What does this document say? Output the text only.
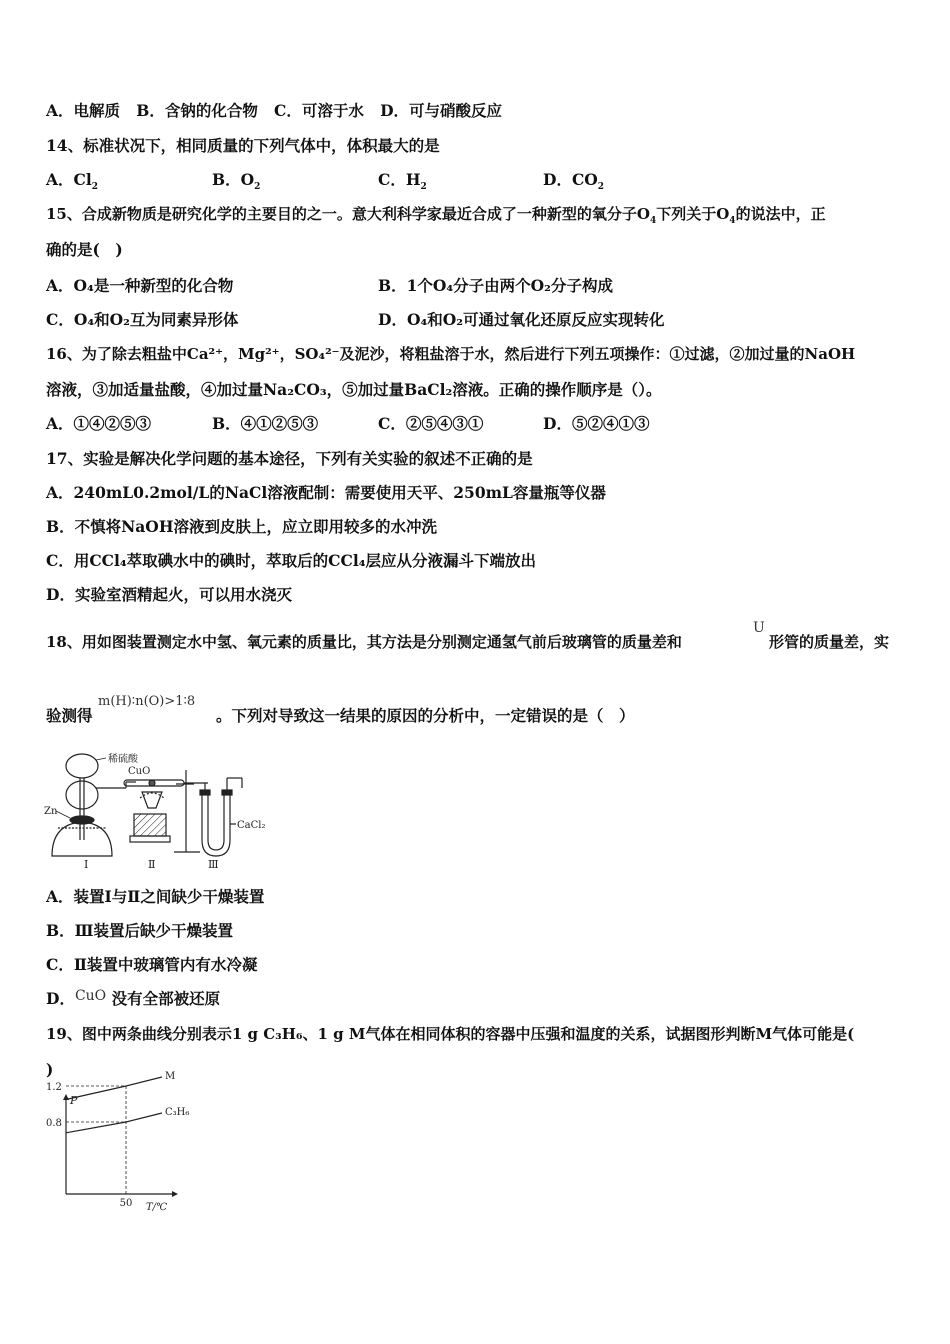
A．电解质 B．含钠的化合物 C．可溶于水 D．可与硝酸反应
14、标准状况下，相同质量的下列气体中，体积最大的是
A．$Cl_2$	B．$O_2$	C．$H_2$	D．$CO_2$
15、合成新物质是研究化学的主要目的之一。意大利科学家最近合成了一种新型的氧分子$O_4$下列关于$O_4$的说法中，正
确的是(　)
A．O₄是一种新型的化合物	B．1个O₄分子由两个O₂分子构成
C．O₄和O₂互为同素异形体	D．O₄和O₂可通过氧化还原反应实现转化
16、为了除去粗盐中Ca²⁺，Mg²⁺，SO₄²⁻及泥沙，将粗盐溶于水，然后进行下列五项操作：①过滤，②加过量的NaOH
溶液，③加适量盐酸，④加过量Na₂CO₃，⑤加过量BaCl₂溶液。正确的操作顺序是（）。
A．①④②⑤③	B．④①②⑤③	C．②⑤④③①	D．⑤②④①③
17、实验是解决化学问题的基本途径，下列有关实验的叙述不正确的是
A．240mL0.2mol/L的NaCl溶液配制：需要使用天平、250mL容量瓶等仪器
B．不慎将NaOH溶液到皮肤上，应立即用较多的水冲洗
C．用CCl₄萃取碘水中的碘时，萃取后的CCl₄层应从分液漏斗下端放出
D．实验室酒精起火，可以用水浇灭
18、用如图装置测定水中氢、氧元素的质量比，其方法是分别测定通氢气前后玻璃管的质量差和
U
形管的质量差，实
验测得
m(H)∶n(O)>1∶8
。下列对导致这一结果的原因的分析中，一定错误的是（　）
稀硫酸
CuO
Zn
CaCl₂
Ⅰ	Ⅱ	Ⅲ
A．装置Ⅰ与Ⅱ之间缺少干燥装置
B．Ⅲ装置后缺少干燥装置
C．Ⅱ装置中玻璃管内有水冷凝
D．CuO 没有全部被还原
19、图中两条曲线分别表示1 g C₃H₆、1 g M气体在相同体积的容器中压强和温度的关系，试据图形判断M气体可能是(
)
P
T/℃
1.2
0.8
50
M
C₃H₆
